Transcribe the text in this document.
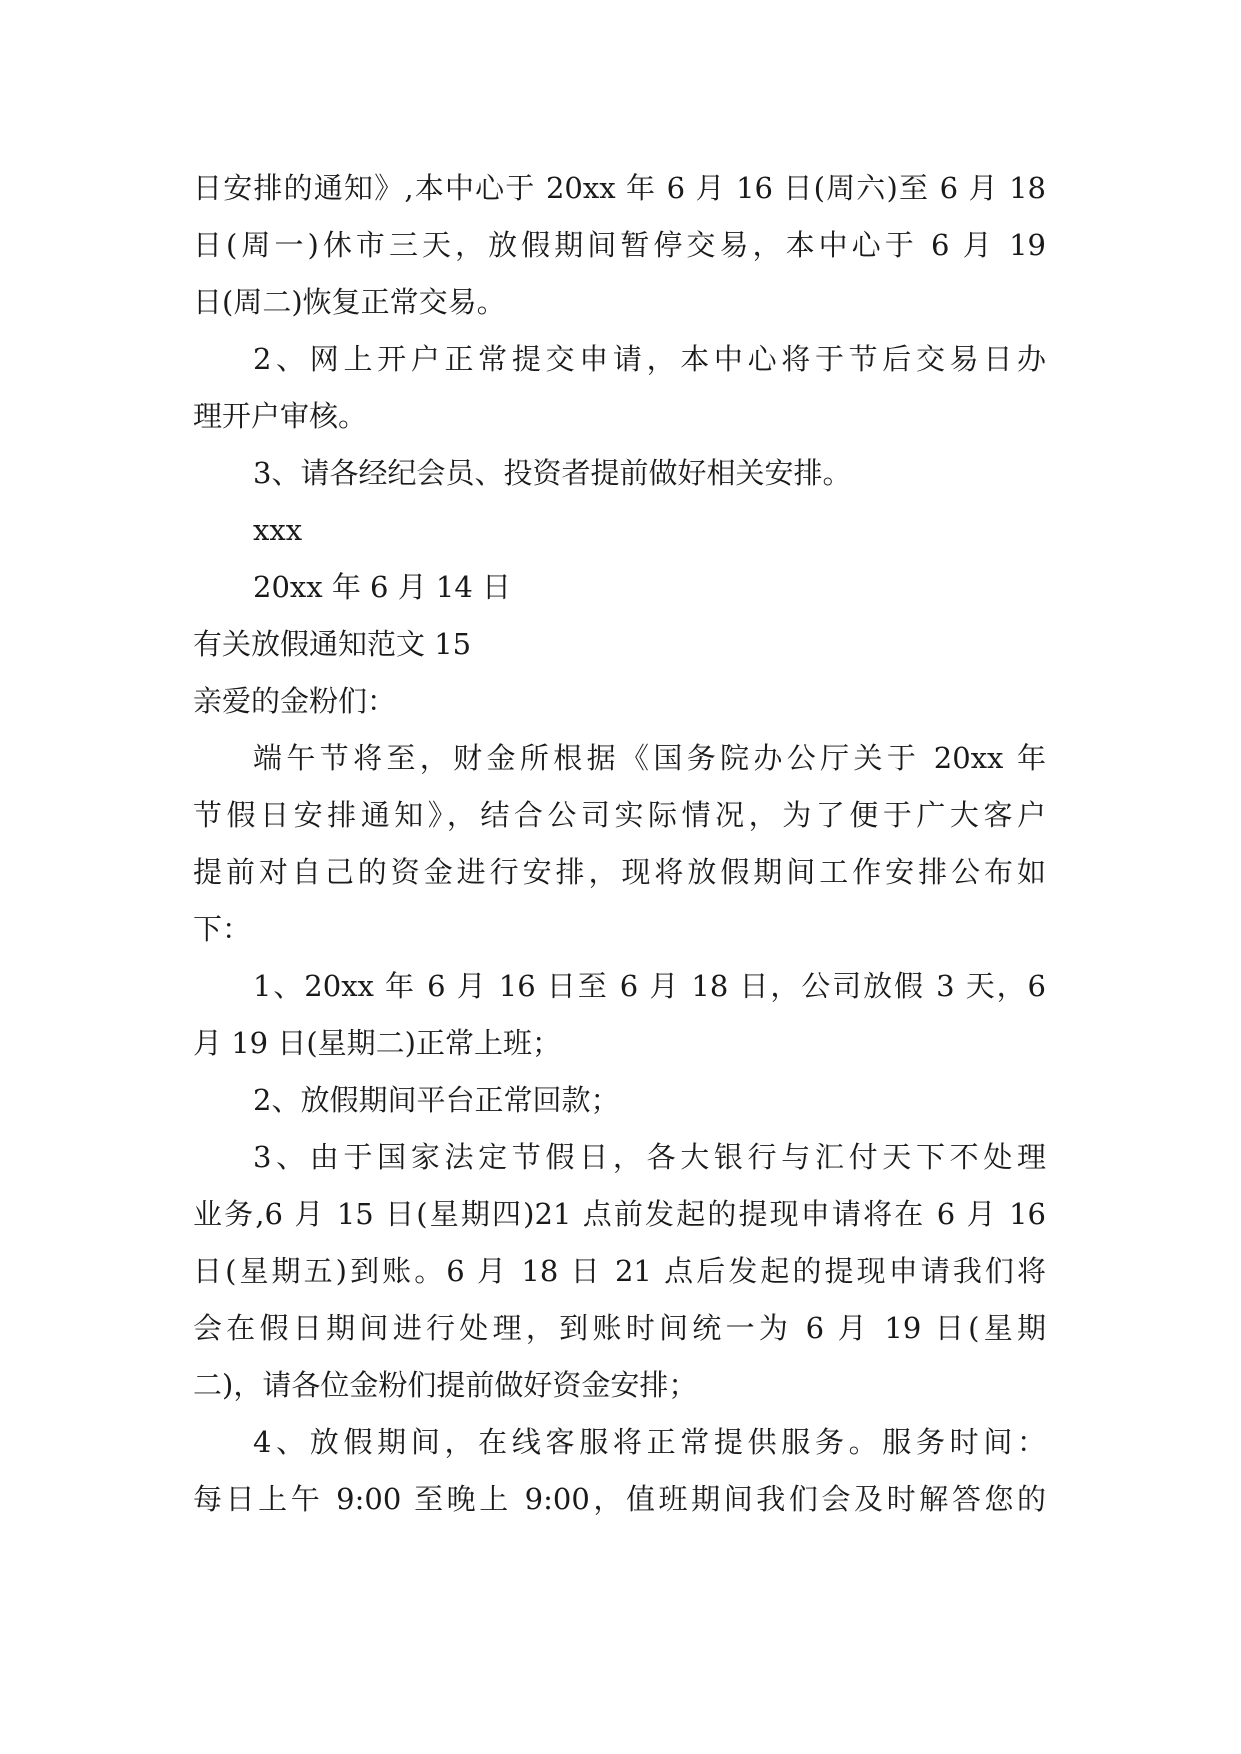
日安排的通知》,本中心于 20xx 年 6 月 16 日(周六)至 6 月 18
日(周一)休市三天，放假期间暂停交易，本中心于 6 月 19
日(周二)恢复正常交易。
2、网上开户正常提交申请，本中心将于节后交易日办
理开户审核。
3、请各经纪会员、投资者提前做好相关安排。
xxx
20xx 年 6 月 14 日
有关放假通知范文 15
亲爱的金粉们：
端午节将至，财金所根据《国务院办公厅关于 20xx 年
节假日安排通知》，结合公司实际情况，为了便于广大客户
提前对自己的资金进行安排，现将放假期间工作安排公布如
下：
1、20xx 年 6 月 16 日至 6 月 18 日，公司放假 3 天，6
月 19 日(星期二)正常上班；
2、放假期间平台正常回款；
3、由于国家法定节假日，各大银行与汇付天下不处理
业务,6 月 15 日(星期四)21 点前发起的提现申请将在 6 月 16
日(星期五)到账。6 月 18 日 21 点后发起的提现申请我们将
会在假日期间进行处理，到账时间统一为 6 月 19 日(星期
二)，请各位金粉们提前做好资金安排；
4、放假期间，在线客服将正常提供服务。服务时间：
每日上午 9:00 至晚上 9:00，值班期间我们会及时解答您的
